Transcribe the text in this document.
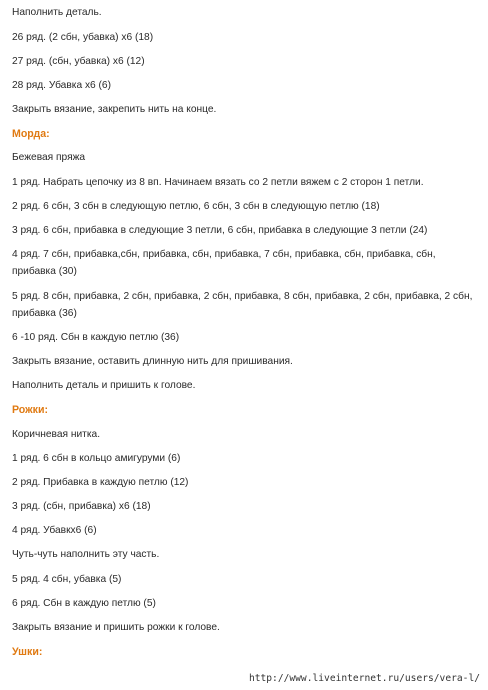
Наполнить деталь.
26 ряд. (2 сбн, убавка) х6 (18)
27 ряд. (сбн, убавка) х6 (12)
28 ряд. Убавка х6 (6)
Закрыть вязание, закрепить нить на конце.
Морда:
Бежевая пряжа
1 ряд. Набрать цепочку из 8 вп. Начинаем вязать со 2 петли вяжем с 2 сторон 1 петли.
2 ряд. 6 сбн, 3 сбн в следующую петлю, 6 сбн, 3 сбн в следующую петлю (18)
3 ряд. 6 сбн, прибавка в следующие 3 петли, 6 сбн, прибавка в следующие 3 петли (24)
4 ряд. 7 сбн, прибавка,сбн, прибавка, сбн, прибавка, 7 сбн, прибавка, сбн, прибавка, сбн, прибавка (30)
5 ряд. 8 сбн, прибавка, 2 сбн, прибавка, 2 сбн, прибавка, 8 сбн, прибавка, 2 сбн, прибавка, 2 сбн, прибавка (36)
6 -10 ряд. Сбн в каждую петлю (36)
Закрыть вязание, оставить длинную нить для пришивания.
Наполнить деталь и пришить к голове.
Рожки:
Коричневая нитка.
1 ряд. 6 сбн в кольцо амигуруми (6)
2 ряд. Прибавка в каждую петлю (12)
3 ряд. (сбн, прибавка) х6 (18)
4 ряд. Убавкх6 (6)
Чуть-чуть наполнить эту часть.
5 ряд. 4 сбн, убавка (5)
6 ряд. Сбн в каждую петлю (5)
Закрыть вязание и пришить рожки к голове.
Ушки:
http://www.liveinternet.ru/users/vera-l/
